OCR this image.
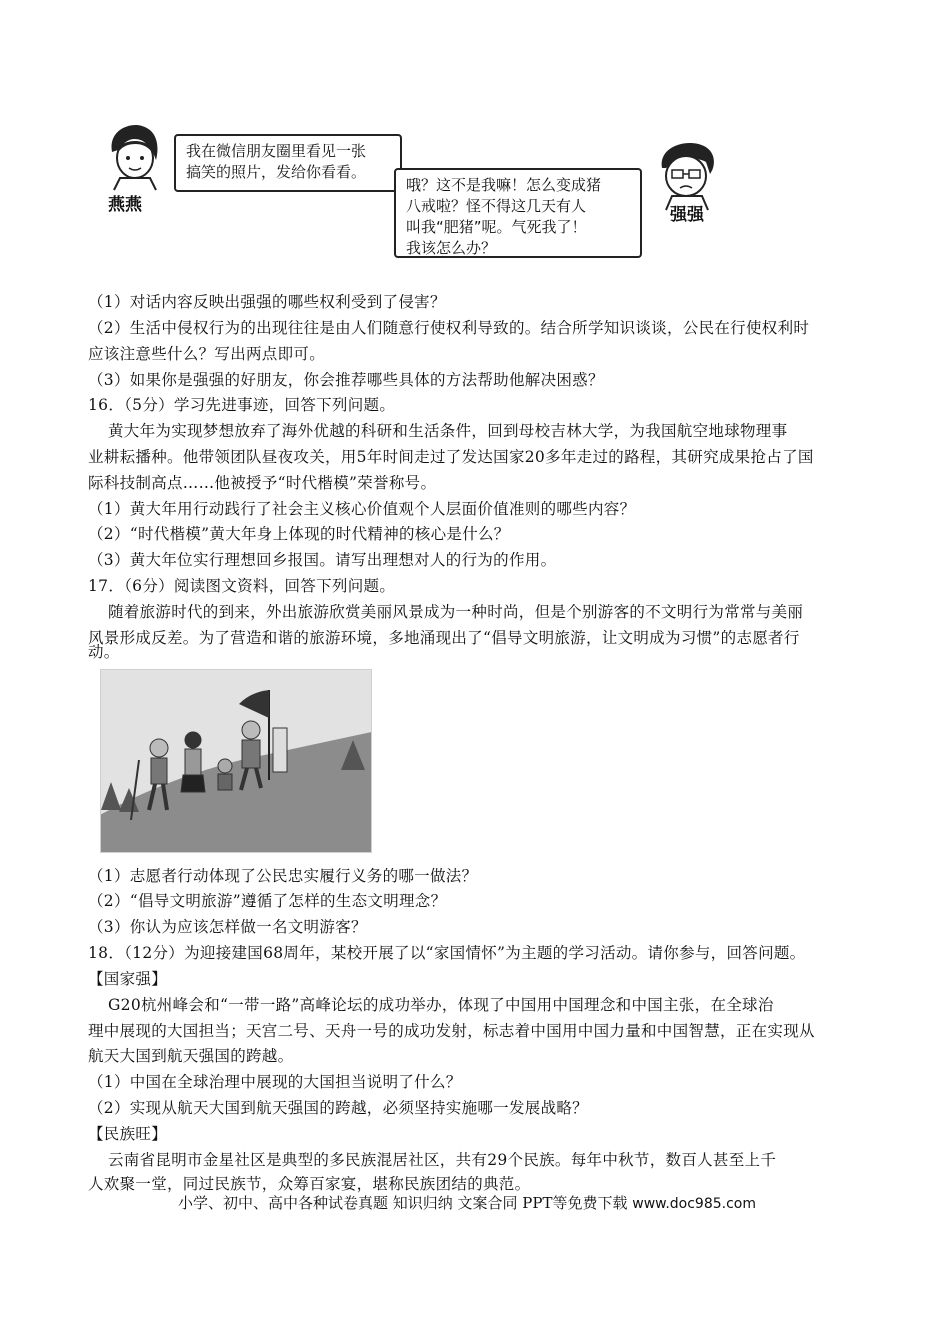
燕燕
我在微信朋友圈里看见一张
搞笑的照片，发给你看看。
哦？这不是我嘛！怎么变成猪
八戒啦？怪不得这几天有人
叫我“肥猪”呢。气死我了！
我该怎么办？
强强
（1）对话内容反映出强强的哪些权利受到了侵害？
（2）生活中侵权行为的出现往往是由人们随意行使权利导致的。结合所学知识谈谈，公民在行使权利时
应该注意些什么？写出两点即可。
（3）如果你是强强的好朋友，你会推荐哪些具体的方法帮助他解决困惑？
16．（5分）学习先进事迹，回答下列问题。
黄大年为实现梦想放弃了海外优越的科研和生活条件，回到母校吉林大学，为我国航空地球物理事
业耕耘播种。他带领团队昼夜攻关，用5年时间走过了发达国家20多年走过的路程，其研究成果抢占了国
际科技制高点……他被授予“时代楷模”荣誉称号。
（1）黄大年用行动践行了社会主义核心价值观个人层面价值准则的哪些内容？
（2）“时代楷模”黄大年身上体现的时代精神的核心是什么？
（3）黄大年位实行理想回乡报国。请写出理想对人的行为的作用。
17．（6分）阅读图文资料，回答下列问题。
随着旅游时代的到来，外出旅游欣赏美丽风景成为一种时尚，但是个别游客的不文明行为常常与美丽
风景形成反差。为了营造和谐的旅游环境，多地涌现出了“倡导文明旅游，让文明成为习惯”的志愿者行
动。
（1）志愿者行动体现了公民忠实履行义务的哪一做法？
（2）“倡导文明旅游”遵循了怎样的生态文明理念？
（3）你认为应该怎样做一名文明游客？
18．（12分）为迎接建国68周年，某校开展了以“家国情怀”为主题的学习活动。请你参与，回答问题。
【国家强】
G20杭州峰会和“一带一路”高峰论坛的成功举办，体现了中国用中国理念和中国主张，在全球治
理中展现的大国担当；天宫二号、天舟一号的成功发射，标志着中国用中国力量和中国智慧，正在实现从
航天大国到航天强国的跨越。
（1）中国在全球治理中展现的大国担当说明了什么？
（2）实现从航天大国到航天强国的跨越，必须坚持实施哪一发展战略？
【民族旺】
云南省昆明市金星社区是典型的多民族混居社区，共有29个民族。每年中秋节，数百人甚至上千
人欢聚一堂，同过民族节，众筹百家宴，堪称民族团结的典范。
小学、初中、高中各种试卷真题 知识归纳 文案合同 PPT等免费下载 www.doc985.com
